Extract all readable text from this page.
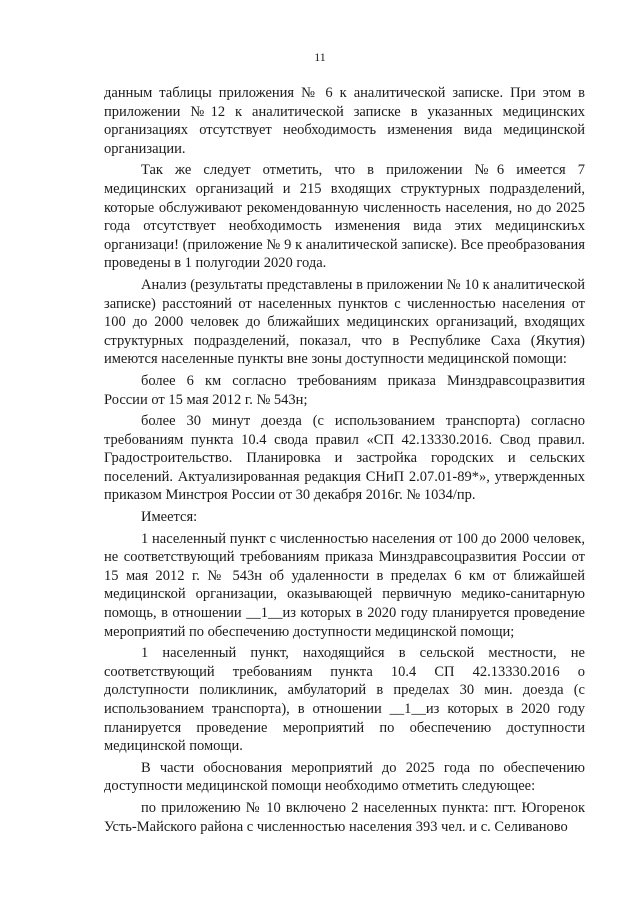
11

данным таблицы приложения № 6 к аналитической записке. При этом в приложении №12 к аналитической записке в указанных медицинских организациях отсутствует необходимость изменения вида медицинской организации.

Так же следует отметить, что в приложении №6 имеется 7 медицинских организаций и 215 входящих структурных подразделений, которые обслуживают рекомендованную численность населения, но до 2025 года отсутствует необходимость изменения вида этих медицинскиъх организаци! (приложение № 9 к аналитической записке). Все преобразования проведены в 1 полугодии 2020 года.

Анализ (результаты представлены в приложении № 10 к аналитической записке) расстояний от населенных пунктов с численностью населения от 100 до 2000 человек до ближайших медицинских организаций, входящих структурных подразделений, показал, что в Республике Саха (Якутия) имеются населенные пункты вне зоны доступности медицинской помощи:

более 6 км согласно требованиям приказа Минздравсоцразвития России от 15 мая 2012 г. № 543н;

более 30 минут доезда (с использованием транспорта) согласно требованиям пункта 10.4 свода правил «СП 42.13330.2016. Свод правил. Градостроительство. Планировка и застройка городских и сельских поселений. Актуализированная редакция СНиП 2.07.01-89*», утвержденных приказом Минстроя России от 30 декабря 2016г. № 1034/пр.

Имеется:

1 населенный пункт с численностью населения от 100 до 2000 человек, не соответствующий требованиям приказа Минздравсоцразвития России от 15 мая 2012 г. № 543н об удаленности в пределах 6 км от ближайшей медицинской организации, оказывающей первичную медико-санитарную помощь, в отношении __1__из которых в 2020 году планируется проведение мероприятий по обеспечению доступности медицинской помощи;

1 населенный пункт, находящийся в сельской местности, не соответствующий требованиям пункта 10.4 СП 42.13330.2016 о долступности поликлиник, амбулаторий в пределах 30 мин. доезда (с использованием транспорта), в отношении __1__из которых в 2020 году планируется проведение мероприятий по обеспечению доступности медицинской помощи.

В части обоснования мероприятий до 2025 года по обеспечению доступности медицинской помощи необходимо отметить следующее:

по приложению № 10 включено 2 населенных пункта: пгт. Югоренок Усть-Майского района с численностью населения 393 чел. и с. Селиваново
